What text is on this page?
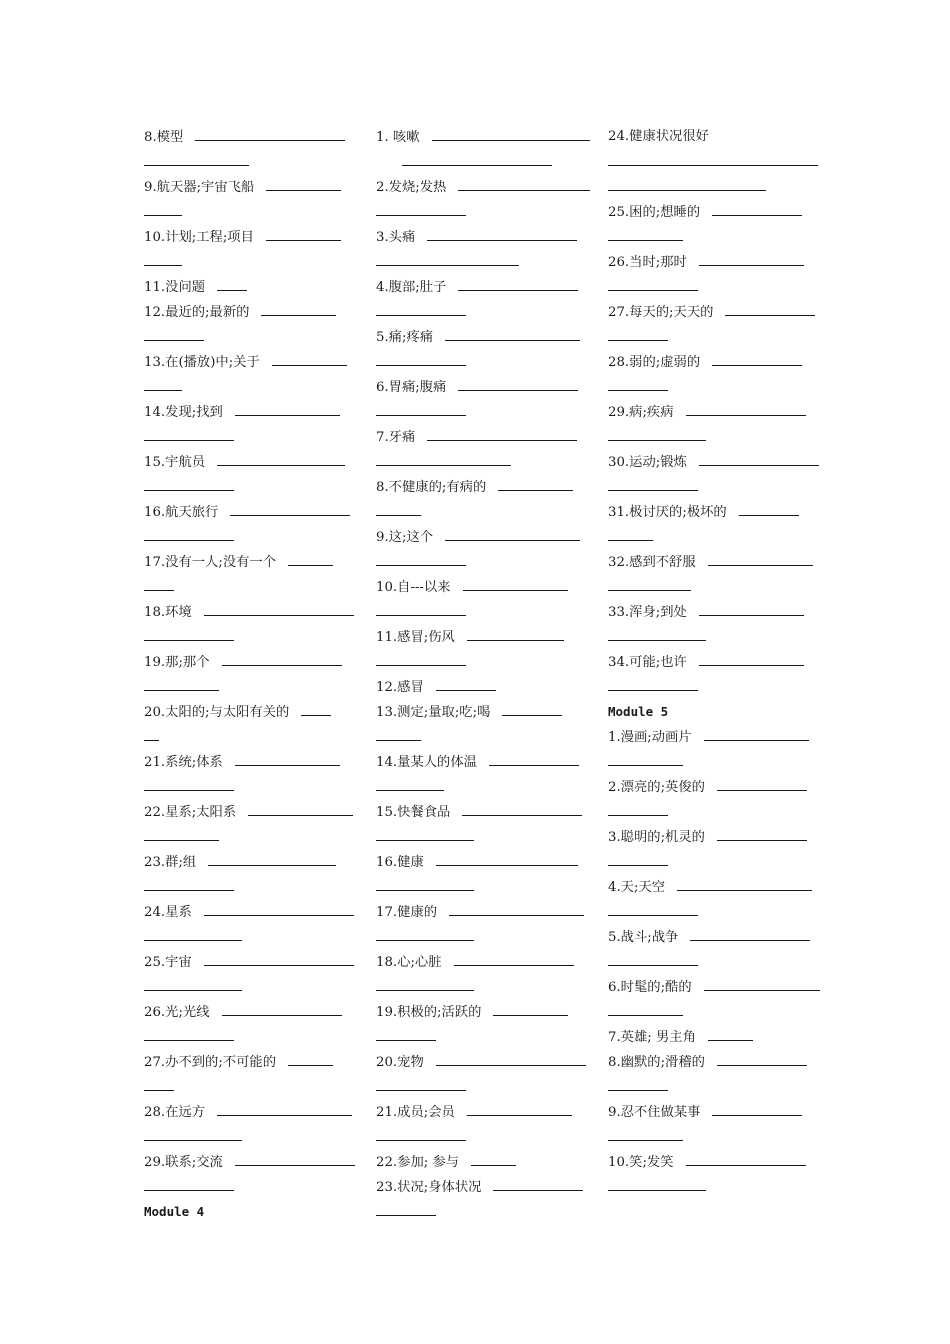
8.模型
9.航天器;宇宙飞船
10.计划;工程;项目
11.没问题
12.最近的;最新的
13.在(播放)中;关于
14.发现;找到
15.宇航员
16.航天旅行
17.没有一人;没有一个
18.环境
19.那;那个
20.太阳的;与太阳有关的
21.系统;体系
22.星系;太阳系
23.群;组
24.星系
25.宇宙
26.光;光线
27.办不到的;不可能的
28.在远方
29.联系;交流
Module 4
1. 咳嗽
2.发烧;发热
3.头痛
4.腹部;肚子
5.痛;疼痛
6.胃痛;腹痛
7.牙痛
8.不健康的;有病的
9.这;这个
10.自---以来
11.感冒;伤风
12.感冒
13.测定;量取;吃;喝
14.量某人的体温
15.快餐食品
16.健康
17.健康的
18.心;心脏
19.积极的;活跃的
20.宠物
21.成员;会员
22.参加; 参与
23.状况;身体状况
24.健康状况很好
25.困的;想睡的
26.当时;那时
27.每天的;天天的
28.弱的;虚弱的
29.病;疾病
30.运动;锻炼
31.极讨厌的;极坏的
32.感到不舒服
33.浑身;到处
34.可能;也许
Module 5
1.漫画;动画片
2.漂亮的;英俊的
3.聪明的;机灵的
4.天;天空
5.战斗;战争
6.时髦的;酷的
7.英雄; 男主角
8.幽默的;滑稽的
9.忍不住做某事
10.笑;发笑
